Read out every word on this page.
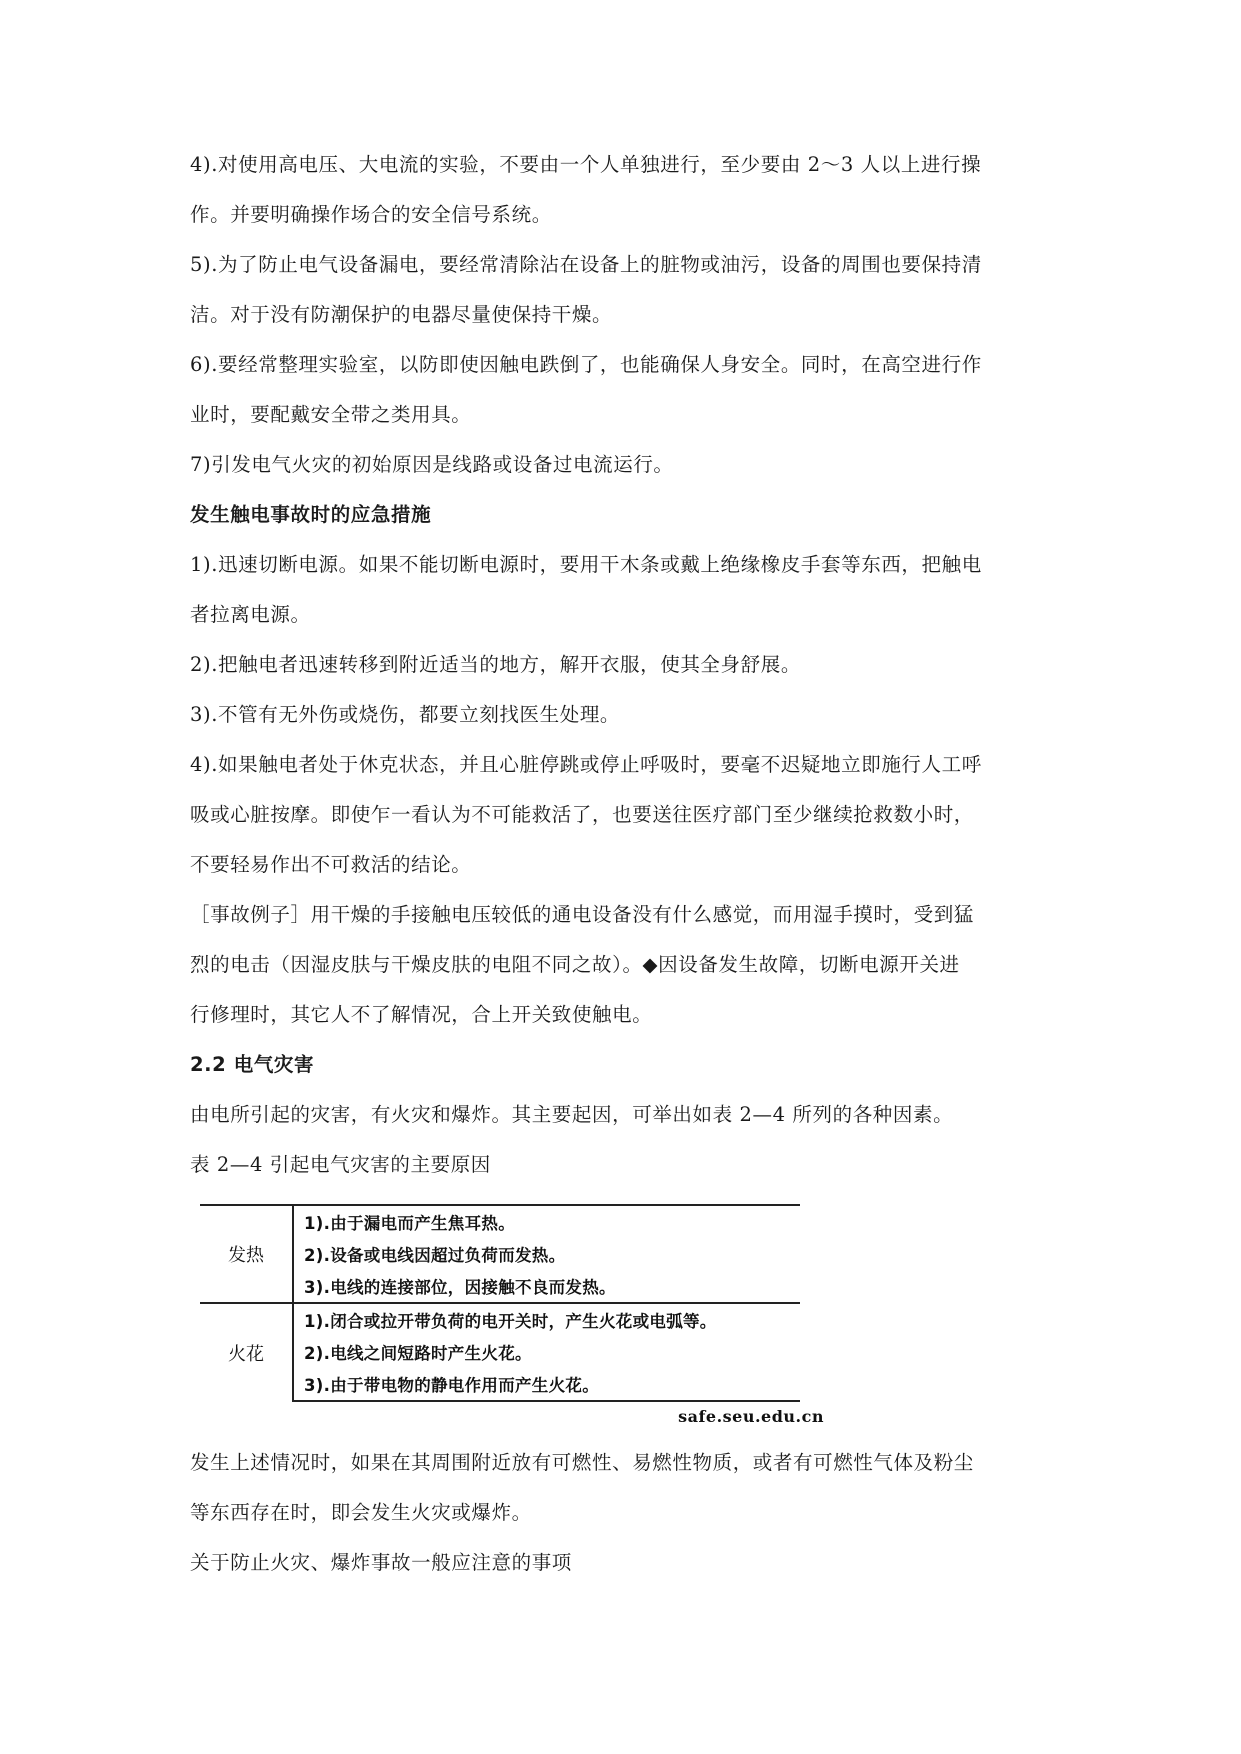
4).对使用高电压、大电流的实验，不要由一个人单独进行，至少要由 2～3 人以上进行操
作。并要明确操作场合的安全信号系统。
5).为了防止电气设备漏电，要经常清除沾在设备上的脏物或油污，设备的周围也要保持清
洁。对于没有防潮保护的电器尽量使保持干燥。
6).要经常整理实验室，以防即使因触电跌倒了，也能确保人身安全。同时，在高空进行作
业时，要配戴安全带之类用具。
7)引发电气火灾的初始原因是线路或设备过电流运行。
发生触电事故时的应急措施
1).迅速切断电源。如果不能切断电源时，要用干木条或戴上绝缘橡皮手套等东西，把触电
者拉离电源。
2).把触电者迅速转移到附近适当的地方，解开衣服，使其全身舒展。
3).不管有无外伤或烧伤，都要立刻找医生处理。
4).如果触电者处于休克状态，并且心脏停跳或停止呼吸时，要毫不迟疑地立即施行人工呼
吸或心脏按摩。即使乍一看认为不可能救活了，也要送往医疗部门至少继续抢救数小时，
不要轻易作出不可救活的结论。
［事故例子］用干燥的手接触电压较低的通电设备没有什么感觉，而用湿手摸时，受到猛
烈的电击（因湿皮肤与干燥皮肤的电阻不同之故）。◆因设备发生故障，切断电源开关进
行修理时，其它人不了解情况，合上开关致使触电。
2.2 电气灾害
由电所引起的灾害，有火灾和爆炸。其主要起因，可举出如表 2—4 所列的各种因素。
表 2—4 引起电气灾害的主要原因
发热	1).由于漏电而产生焦耳热。
	2).设备或电线因超过负荷而发热。
	3).电线的连接部位，因接触不良而发热。
火花	1).闭合或拉开带负荷的电开关时，产生火花或电弧等。
	2).电线之间短路时产生火花。
	3).由于带电物的静电作用而产生火花。
safe.seu.edu.cn
发生上述情况时，如果在其周围附近放有可燃性、易燃性物质，或者有可燃性气体及粉尘
等东西存在时，即会发生火灾或爆炸。
关于防止火灾、爆炸事故一般应注意的事项
